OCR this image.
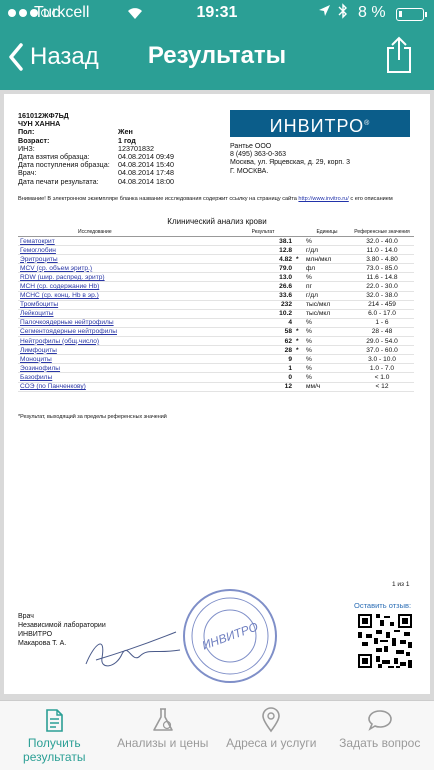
Turkcell	19:31	8 %
Назад	Результаты
161012ЖФ7ЬД
ЧУН ХАННА
Пол:	Жен
Возраст:	1 год
ИНЗ:	123701832
Дата взятия образца:	04.08.2014 09:49
Дата поступления образца:	04.08.2014 15:40
Врач:	04.08.2014 17:48
Дата печати результата:	04.08.2014 18:00
ИНВИТРО®
Рантье ООО
8 (495) 363-0-363
Москва, ул. Ярцевская, д. 29, корп. 3
Г. МОСКВА.
Внимание! В электронном экземпляре бланка название исследования содержит ссылку на страницу сайта http://www.invitro.ru/ с его описанием
Клинический анализ крови
Исследование	Результат		Единицы	Референсные значения
Гематокрит	38.1		%	32.0 - 40.0
Гемоглобин	12.8		г/дл	11.0 - 14.0
Эритроциты	4.82	*	млн/мкл	3.80 - 4.80
MCV (ср. объем эритр.)	79.0		фл	73.0 - 85.0
RDW (шир. распред. эритр)	13.0		%	11.6 - 14.8
MCH (ср. содержание Hb)	26.6		пг	22.0 - 30.0
MCHC (ср. конц. Hb в эр.)	33.6		г/дл	32.0 - 38.0
Тромбоциты	232		тыс/мкл	214 - 459
Лейкоциты	10.2		тыс/мкл	6.0 - 17.0
Палочкоядерные нейтрофилы	4		%	1 - 6
Сегментоядерные нейтрофилы	58	*	%	28 - 48
Нейтрофилы (общ.число)	62	*	%	29.0 - 54.0
Лимфоциты	28	*	%	37.0 - 60.0
Моноциты	9		%	3.0 - 10.0
Эозинофилы	1		%	1.0 - 7.0
Базофилы	0		%	< 1.0
СОЭ (по Панченкову)	12		мм/ч	< 12
*Результат, выходящий за пределы референсных значений
1 из 1
Врач
Независимой лаборатории
ИНВИТРО
Макарова Т. А.	ИНВИТРО
Оставить отзыв:
Получить результаты
Анализы и цены	Адреса и услуги	Задать вопрос
